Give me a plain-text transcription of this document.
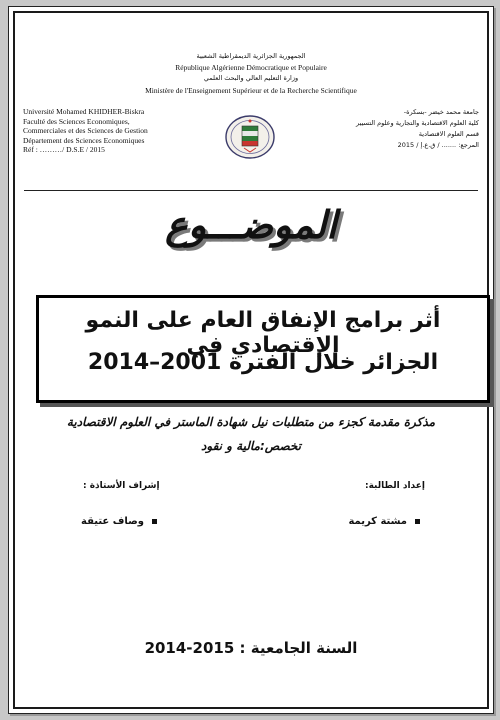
الجمهورية الجزائرية الديمقراطية الشعبية
République Algérienne Démocratique et Populaire
وزارة التعليم العالي والبحث العلمي
Ministère de l'Enseignement Supérieur et de la Recherche Scientifique
Université Mohamed KHIDHER-Biskra
Faculté des Sciences Economiques,
Commerciales et des Sciences de Gestion
Département des Sciences Economiques
Réf : ………/ D.S.E / 2015
جامعة محمد خيضر -بسكرة-
كلية العلوم الاقتصادية والتجارية وعلوم التسيير
قسم العلوم الاقتصادية
المرجع: ....... / ق.ع.إ / 2015
الموضـــوع
أثر برامج الإنفاق العام على النمو الإقتصادي في
الجزائر خلال الفترة 2001–2014
مذكرة مقدمة كجزء من متطلبات نيل شهادة الماستر في العلوم الاقتصادية
تخصص:مالية و نقود
إعداد الطالبة:
مشتة كريمة
إشراف الأستاذة :
وصاف عتيقة
السنة الجامعية : 2014-2015
